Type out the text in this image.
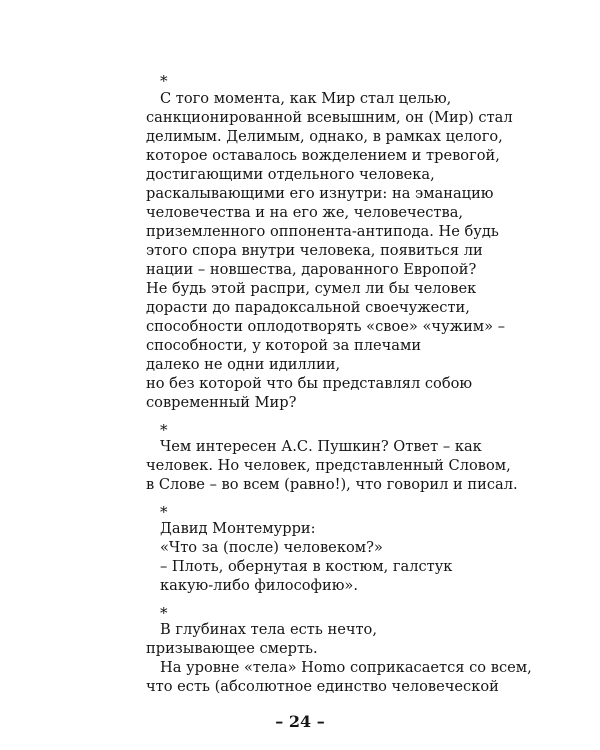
*
С того момента, как Мир стал целью,
санкционированной всевышним, он (Мир) стал
делимым. Делимым, однако, в рамках целого,
которое оставалось вожделением и тревогой,
достигающими отдельного человека,
раскалывающими его изнутри: на эманацию
человечества и на его же, человечества,
приземленного оппонента-антипода. Не будь
этого спора внутри человека, появиться ли
нации – новшества, дарованного Европой?
Не будь этой распри, сумел ли бы человек
дорасти до парадоксальной своечужести,
способности оплодотворять «свое» «чужим» –
способности, у которой за плечами
далеко не одни идиллии,
но без которой что бы представлял собою
современный Мир?
*
Чем интересен А.С. Пушкин? Ответ – как
человек. Но человек, представленный Словом,
в Слове – во всем (равно!), что говорил и писал.
*
Давид Монтемурри:
«Что за (после) человеком?»
– Плоть, обернутая в костюм, галстук
какую-либо философию».
*
В глубинах тела есть нечто,
призывающее смерть.
На уровне «тела» Homo соприкасается со всем,
что есть (абсолютное единство человеческой
– 24 –
